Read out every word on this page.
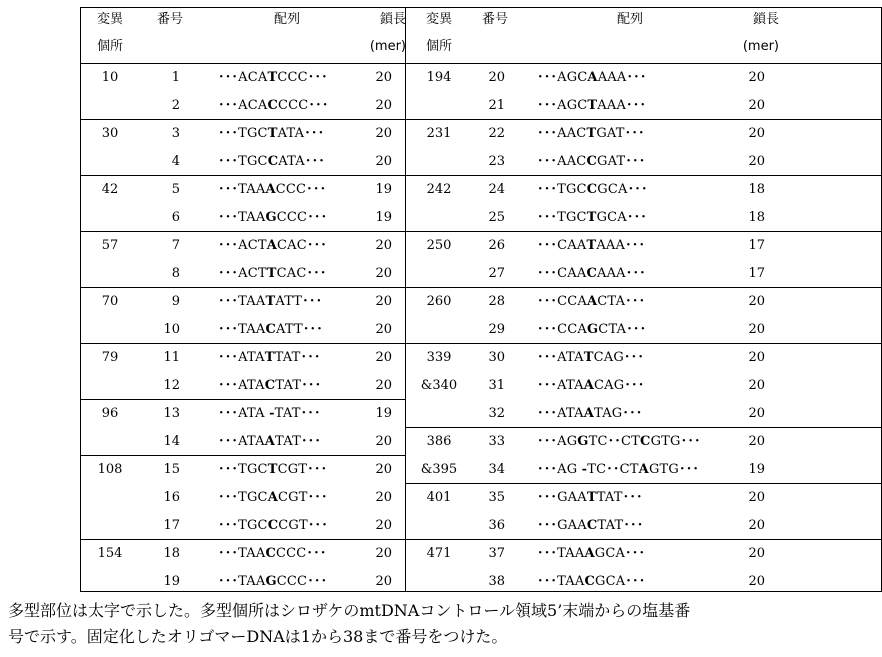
変異
個所
番号	配列	鎖長
(mer)
変異
個所
番号	配列	鎖長
(mer)
10	1	･･･ACATCCC･･･	20
2	･･･ACACCCC･･･	20
30	3	･･･TGCTATA･･･	20
4	･･･TGCCATA･･･	20
42	5	･･･TAAACCC･･･	19
6	･･･TAAGCCC･･･	19
57	7	･･･ACTACAC･･･	20
8	･･･ACTTCAC･･･	20
70	9	･･･TAATATT･･･	20
10	･･･TAACATT･･･	20
79	11	･･･ATATTAT･･･	20
12	･･･ATACTAT･･･	20
96	13	･･･ATA -TAT･･･	19
14	･･･ATAATAT･･･	20
108	15	･･･TGCTCGT･･･	20
16	･･･TGCACGT･･･	20
17	･･･TGCCCGT･･･	20
154	18	･･･TAACCCC･･･	20
19	･･･TAAGCCC･･･	20
194	20 ･･･AGCAAAA･･･	20
21 ･･･AGCTAAA･･･	20
231	22 ･･･AACTGAT･･･	20
23 ･･･AACCGAT･･･	20
242	24 ･･･TGCCGCA･･･	18
25 ･･･TGCTGCA･･･	18
250	26 ･･･CAATAAA･･･	17
27 ･･･CAACAAA･･･	17
260	28 ･･･CCAACTA･･･	20
29 ･･･CCAGCTA･･･	20
339
&340
30 ･･･ATATCAG･･･	20
31 ･･･ATAACAG･･･	20
32 ･･･ATAATAG･･･	20
386
&395
33 ･･･AGGTC･･CTCGTG･･･	20
34 ･･･AG -TC･･CTAGTG･･･	19
401	35 ･･･GAATTAT･･･	20
36 ･･･GAACTAT･･･	20
471	37 ･･･TAAAGCA･･･	20
38 ･･･TAACGCA･･･	20
多型部位は太字で示した。多型個所はシロザケのmtDNAコントロール領域5’末端からの塩基番
号で示す。固定化したオリゴマーDNAは1から38まで番号をつけた。
